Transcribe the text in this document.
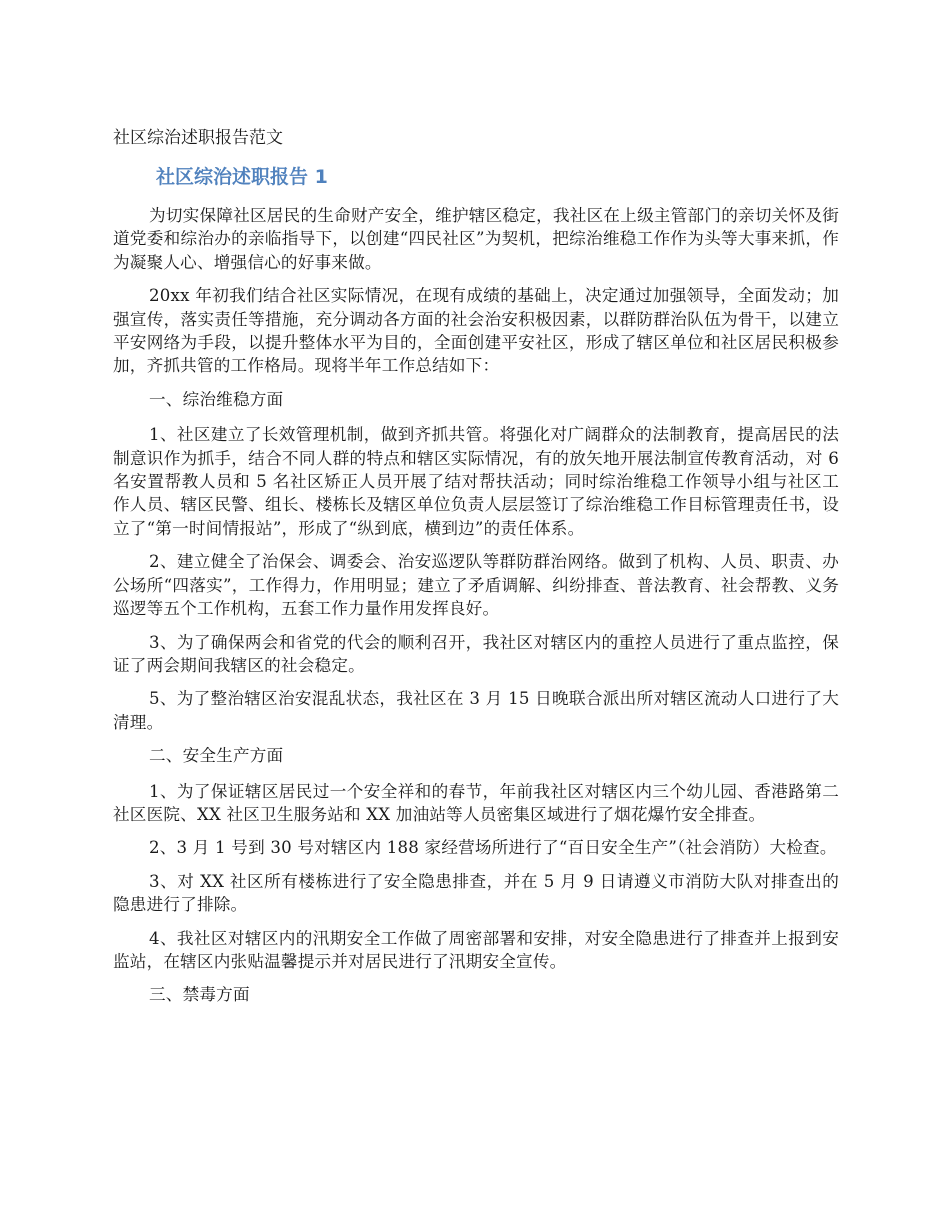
社区综治述职报告范文
社区综治述职报告 1

为切实保障社区居民的生命财产安全，维护辖区稳定，我社区在上级主管部门的亲切关怀及街道党委和综治办的亲临指导下，以创建“四民社区”为契机，把综治维稳工作作为头等大事来抓，作为凝聚人心、增强信心的好事来做。

20xx 年初我们结合社区实际情况，在现有成绩的基础上，决定通过加强领导，全面发动；加强宣传，落实责任等措施，充分调动各方面的社会治安积极因素，以群防群治队伍为骨干，以建立平安网络为手段，以提升整体水平为目的，全面创建平安社区，形成了辖区单位和社区居民积极参加，齐抓共管的工作格局。现将半年工作总结如下：

一、综治维稳方面

1、社区建立了长效管理机制，做到齐抓共管。将强化对广阔群众的法制教育，提高居民的法制意识作为抓手，结合不同人群的特点和辖区实际情况，有的放矢地开展法制宣传教育活动，对 6 名安置帮教人员和 5 名社区矫正人员开展了结对帮扶活动；同时综治维稳工作领导小组与社区工作人员、辖区民警、组长、楼栋长及辖区单位负责人层层签订了综治维稳工作目标管理责任书，设立了“第一时间情报站”，形成了“纵到底，横到边”的责任体系。

2、建立健全了治保会、调委会、治安巡逻队等群防群治网络。做到了机构、人员、职责、办公场所“四落实”，工作得力，作用明显；建立了矛盾调解、纠纷排查、普法教育、社会帮教、义务巡逻等五个工作机构，五套工作力量作用发挥良好。

3、为了确保两会和省党的代会的顺利召开，我社区对辖区内的重控人员进行了重点监控，保证了两会期间我辖区的社会稳定。

5、为了整治辖区治安混乱状态，我社区在 3 月 15 日晚联合派出所对辖区流动人口进行了大清理。

二、安全生产方面

1、为了保证辖区居民过一个安全祥和的春节，年前我社区对辖区内三个幼儿园、香港路第二社区医院、XX 社区卫生服务站和 XX 加油站等人员密集区域进行了烟花爆竹安全排查。

2、3 月 1 号到 30 号对辖区内 188 家经营场所进行了“百日安全生产”（社会消防）大检查。

3、对 XX 社区所有楼栋进行了安全隐患排查，并在 5 月 9 日请遵义市消防大队对排查出的隐患进行了排除。

4、我社区对辖区内的汛期安全工作做了周密部署和安排，对安全隐患进行了排查并上报到安监站，在辖区内张贴温馨提示并对居民进行了汛期安全宣传。

三、禁毒方面
